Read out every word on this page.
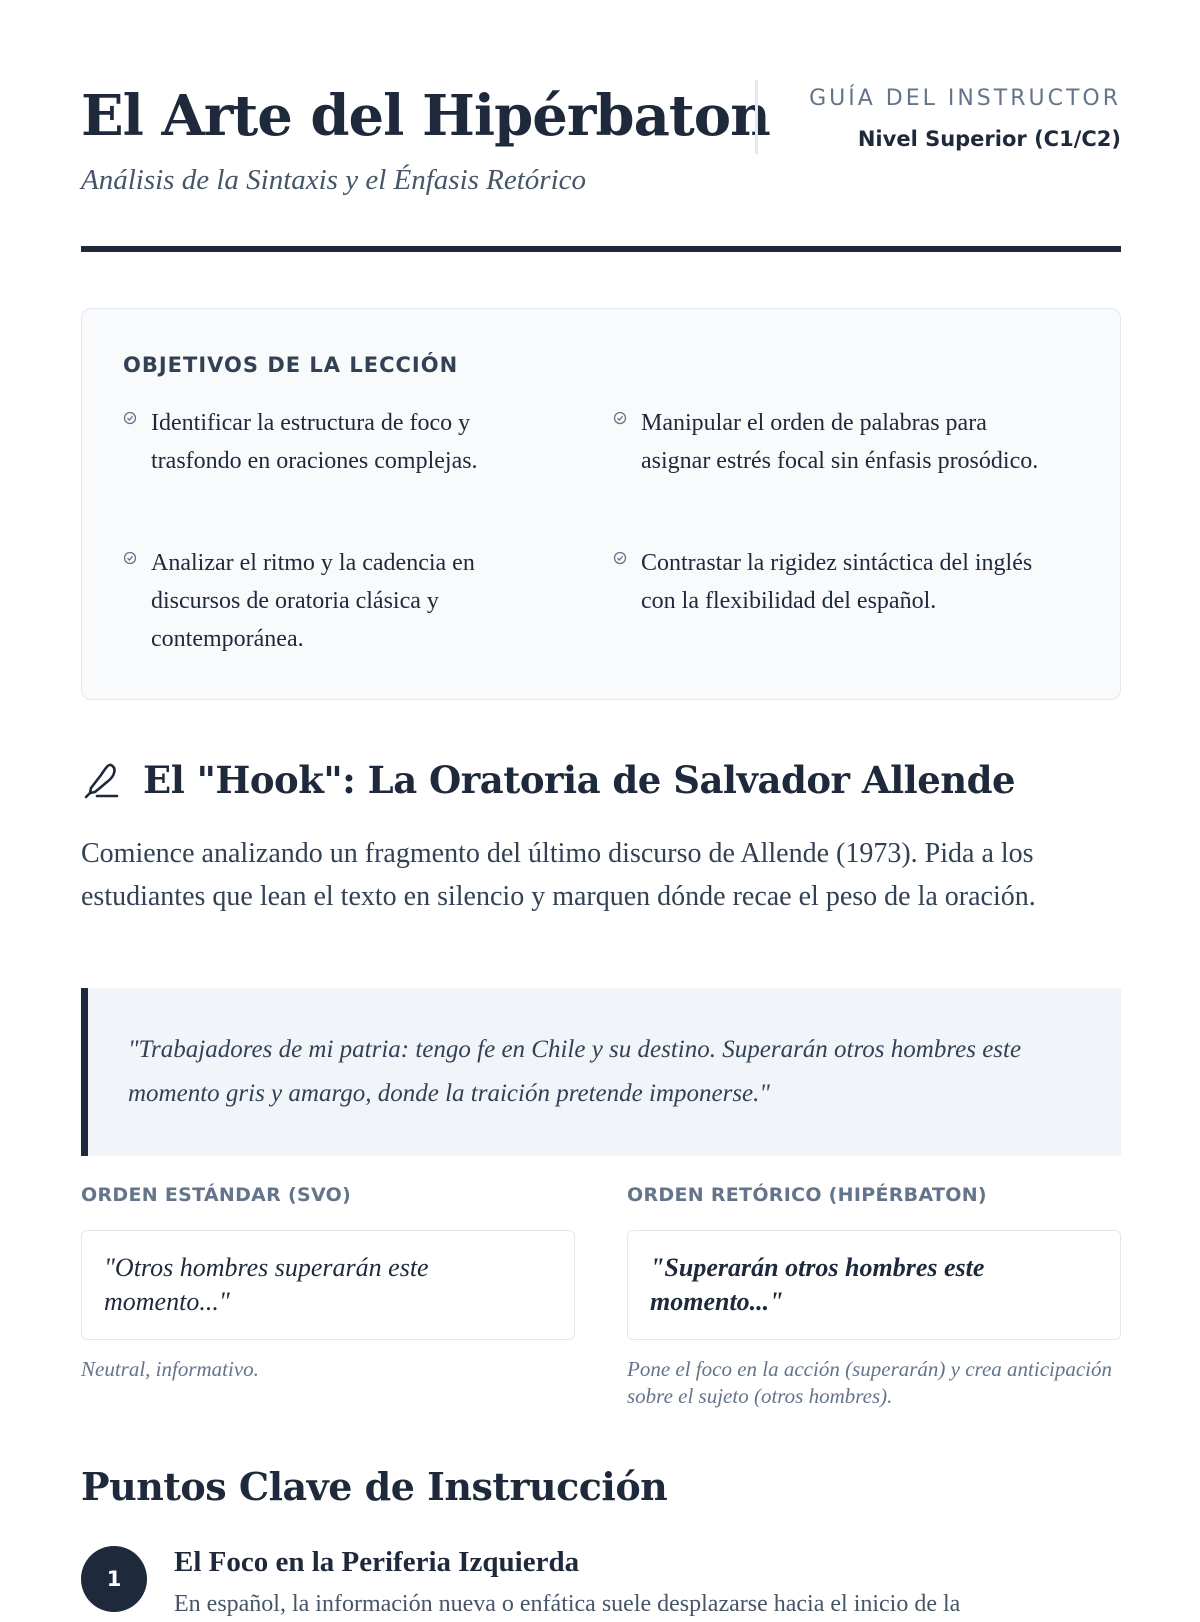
El Arte del Hipérbaton
Análisis de la Sintaxis y el Énfasis Retórico
GUÍA DEL INSTRUCTOR
Nivel Superior (C1/C2)
OBJETIVOS DE LA LECCIÓN
Identificar la estructura de foco y trasfondo en oraciones complejas.
Manipular el orden de palabras para asignar estrés focal sin énfasis prosódico.
Analizar el ritmo y la cadencia en discursos de oratoria clásica y contemporánea.
Contrastar la rigidez sintáctica del inglés con la flexibilidad del español.
El "Hook": La Oratoria de Salvador Allende

Comience analizando un fragmento del último discurso de Allende (1973). Pida a los estudiantes que lean el texto en silencio y marquen dónde recae el peso de la oración.

"Trabajadores de mi patria: tengo fe en Chile y su destino. Superarán otros hombres este momento gris y amargo, donde la traición pretende imponerse."
ORDEN ESTÁNDAR (SVO)
"Otros hombres superarán este momento..."
Neutral, informativo.
ORDEN RETÓRICO (HIPÉRBATON)
"Superarán otros hombres este momento..."
Pone el foco en la acción (superarán) y crea anticipación sobre el sujeto (otros hombres).
Puntos Clave de Instrucción
1
El Foco en la Periferia Izquierda
En español, la información nueva o enfática suele desplazarse hacia el inicio de la
